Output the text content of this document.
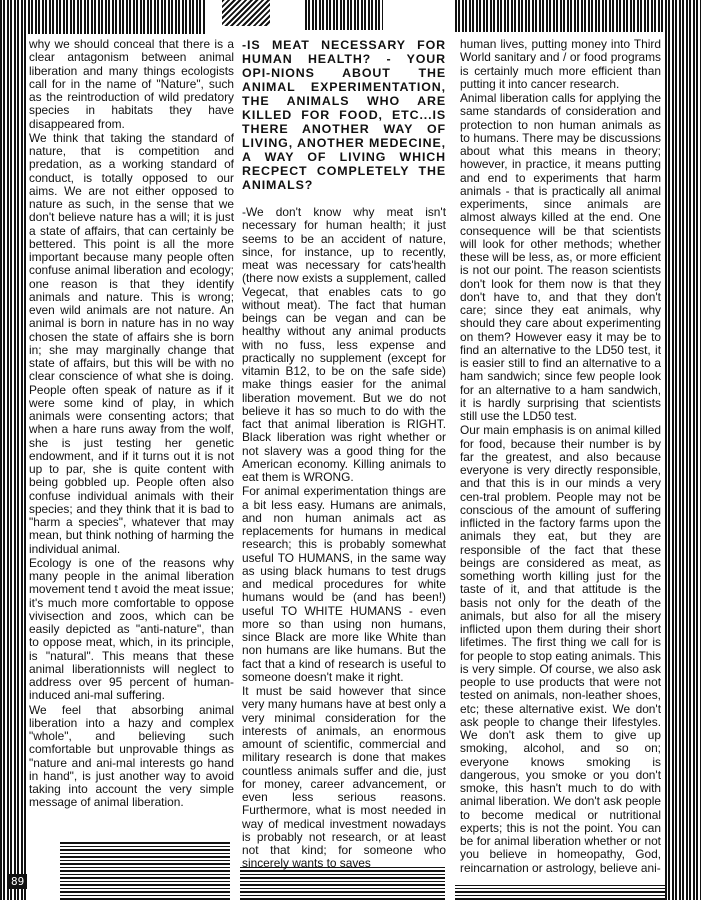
89

why we should conceal that there is a clear antagonism between animal liberation and many things ecologists call for in the name of "Nature", such as the reintroduction of wild predatory species in habitats they have disappeared from.

We think that taking the standard of nature, that is competition and predation, as a working standard of conduct, is totally opposed to our aims. We are not either opposed to nature as such, in the sense that we don't believe nature has a will; it is just a state of affairs, that can certainly be bettered. This point is all the more important because many people often confuse animal liberation and ecology; one reason is that they identify animals and nature. This is wrong; even wild animals are not nature. An animal is born in nature has in no way chosen the state of affairs she is born in; she may marginally change that state of affairs, but this will be with no clear conscience of what she is doing. People often speak of nature as if it were some kind of play, in which animals were consenting actors; that when a hare runs away from the wolf, she is just testing her genetic endowment, and if it turns out it is not up to par, she is quite content with being gobbled up. People often also confuse individual animals with their species; and they think that it is bad to "harm a species", whatever that may mean, but think nothing of harming the individual animal.

Ecology is one of the reasons why many people in the animal liberation movement tend t avoid the meat issue; it's much more comfortable to oppose vivisection and zoos, which can be easily depicted as "anti-nature", than to oppose meat, which, in its principle, is "natural". This means that these animal liberationnists will neglect to address over 95 percent of human-induced ani-mal suffering.

We feel that absorbing animal liberation into a hazy and complex "whole", and believing such comfortable but unprovable things as "nature and ani-mal interests go hand in hand", is just another way to avoid taking into account the very simple message of animal liberation.

-IS MEAT NECESSARY FOR HUMAN HEALTH? - YOUR OPI-NIONS ABOUT THE ANIMAL EXPERIMENTATION, THE ANIMALS WHO ARE KILLED FOR FOOD, ETC...IS THERE ANOTHER WAY OF LIVING, ANOTHER MEDECINE, A WAY OF LIVING WHICH RECPECT COMPLETELY THE ANIMALS?

-We don't know why meat isn't necessary for human health; it just seems to be an accident of nature, since, for instance, up to recently, meat was necessary for cats'health (there now exists a supplement, called Vegecat, that enables cats to go without meat). The fact that human beings can be vegan and can be healthy without any animal products with no fuss, less expense and practically no supplement (except for vitamin B12, to be on the safe side) make things easier for the animal liberation movement. But we do not believe it has so much to do with the fact that animal liberation is RIGHT. Black liberation was right whether or not slavery was a good thing for the American economy. Killing animals to eat them is WRONG.

For animal experimentation things are a bit less easy. Humans are animals, and non human animals act as replacements for humans in medical research; this is probably somewhat useful TO HUMANS, in the same way as using black humans to test drugs and medical procedures for white humans would be (and has been!) useful TO WHITE HUMANS - even more so than using non humans, since Black are more like White than non humans are like humans. But the fact that a kind of research is useful to someone doesn't make it right.

It must be said however that since very many humans have at best only a very minimal consideration for the interests of animals, an enormous amount of scientific, commercial and military research is done that makes countless animals suffer and die, just for money, career advancement, or even less serious reasons. Furthermore, what is most needed in way of medical investment nowadays is probably not research, or at least not that kind; for someone who sincerely wants to saves

human lives, putting money into Third World sanitary and / or food programs is certainly much more efficient than putting it into cancer research.

Animal liberation calls for applying the same standards of consideration and protection to non human animals as to humans. There may be discussions about what this means in theory; however, in practice, it means putting and end to experiments that harm animals - that is practically all animal experiments, since animals are almost always killed at the end. One consequence will be that scientists will look for other methods; whether these will be less, as, or more efficient is not our point. The reason scientists don't look for them now is that they don't have to, and that they don't care; since they eat animals, why should they care about experimenting on them? However easy it may be to find an alternative to the LD50 test, it is easier still to find an alternative to a ham sandwich; since few people look for an alternative to a ham sandwich, it is hardly surprising that scientists still use the LD50 test.

Our main emphasis is on animal killed for food, because their number is by far the greatest, and also because everyone is very directly responsible, and that this is in our minds a very cen-tral problem. People may not be conscious of the amount of suffering inflicted in the factory farms upon the animals they eat, but they are responsible of the fact that these beings are considered as meat, as something worth killing just for the taste of it, and that attitude is the basis not only for the death of the animals, but also for all the misery inflicted upon them during their short lifetimes. The first thing we call for is for people to stop eating animals. This is very simple. Of course, we also ask people to use products that were not tested on animals, non-leather shoes, etc; these alternative exist. We don't ask people to change their lifestyles. We don't ask them to give up smoking, alcohol, and so on; everyone knows smoking is dangerous, you smoke or you don't smoke, this hasn't much to do with animal liberation. We don't ask people to become medical or nutritional experts; this is not the point. You can be for animal liberation whether or not you believe in homeopathy, God, reincarnation or astrology, believe ani-
